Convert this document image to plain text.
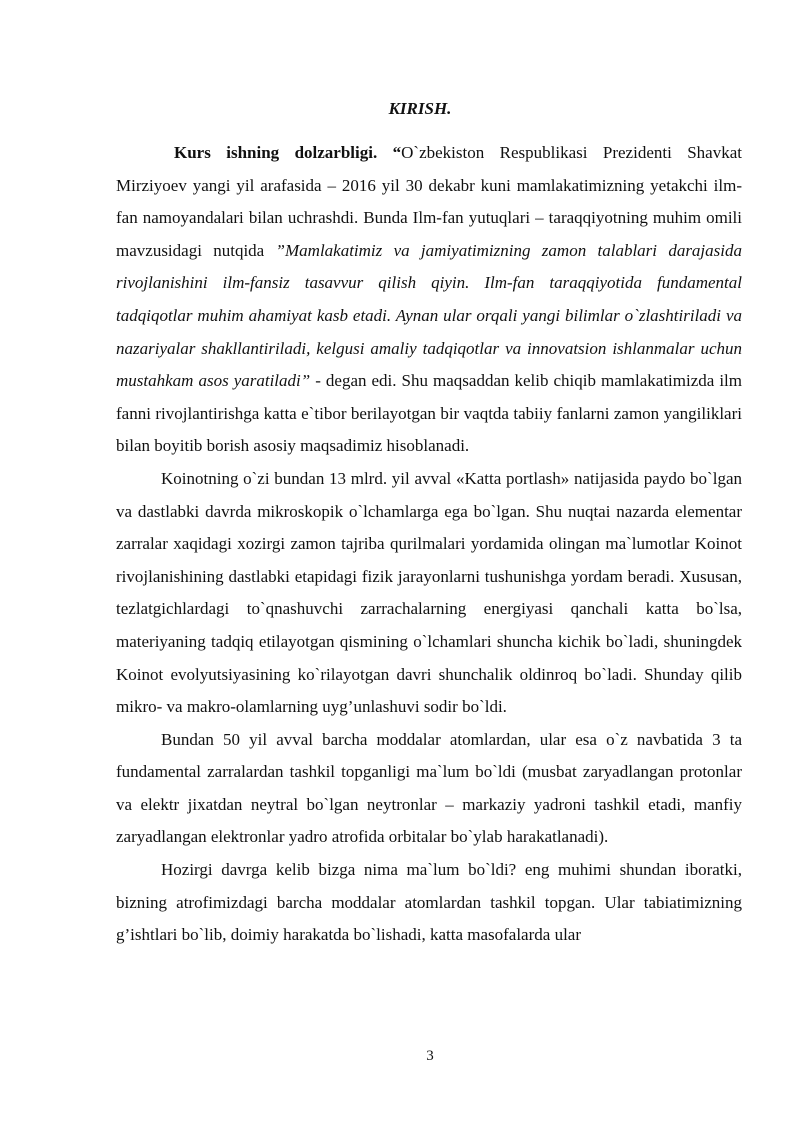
KIRISH.

Kurs ishning dolzarbligi. “O`zbekiston Respublikasi Prezidenti Shavkat Mirziyoev yangi yil arafasida – 2016 yil 30 dekabr kuni mamlakatimizning yetakchi ilm-fan namoyandalari bilan uchrashdi. Bunda Ilm-fan yutuqlari – taraqqiyotning muhim omili mavzusidagi nutqida ”Mamlakatimiz va jamiyatimizning zamon talablari darajasida rivojlanishini ilm-fansiz tasavvur qilish qiyin. Ilm-fan taraqqiyotida fundamental tadqiqotlar muhim ahamiyat kasb etadi. Aynan ular orqali yangi bilimlar o`zlashtiriladi va nazariyalar shakllantiriladi, kelgusi amaliy tadqiqotlar va innovatsion ishlanmalar uchun mustahkam asos yaratiladi” - degan edi. Shu maqsaddan kelib chiqib mamlakatimizda ilm fanni rivojlantirishga katta e`tibor berilayotgan bir vaqtda tabiiy fanlarni zamon yangiliklari bilan boyitib borish asosiy maqsadimiz hisoblanadi.

Koinotning o`zi bundan 13 mlrd. yil avval «Katta portlash» natijasida paydo bo`lgan va dastlabki davrda mikroskopik o`lchamlarga ega bo`lgan. Shu nuqtai nazarda elementar zarralar xaqidagi xozirgi zamon tajriba qurilmalari yordamida olingan ma`lumotlar Koinot rivojlanishining dastlabki etapidagi fizik jarayonlarni tushunishga yordam beradi. Xususan, tezlatgichlardagi to`qnashuvchi zarrachalarning energiyasi qanchali katta bo`lsa, materiyaning tadqiq etilayotgan qismining o`lchamlari shuncha kichik bo`ladi, shuningdek Koinot evolyutsiyasining ko`rilayotgan davri shunchalik oldinroq bo`ladi. Shunday qilib mikro- va makro-olamlarning uyg’unlashuvi sodir bo`ldi.

Bundan 50 yil avval barcha moddalar atomlardan, ular esa o`z navbatida 3 ta fundamental zarralardan tashkil topganligi ma`lum bo`ldi (musbat zaryadlangan protonlar va elektr jixatdan neytral bo`lgan neytronlar – markaziy yadroni tashkil etadi, manfiy zaryadlangan elektronlar yadro atrofida orbitalar bo`ylab harakatlanadi).

Hozirgi davrga kelib bizga nima ma`lum bo`ldi? eng muhimi shundan iboratki, bizning atrofimizdagi barcha moddalar atomlardan tashkil topgan. Ular tabiatimizning g’ishtlari bo`lib, doimiy harakatda bo`lishadi, katta masofalarda ular

3
